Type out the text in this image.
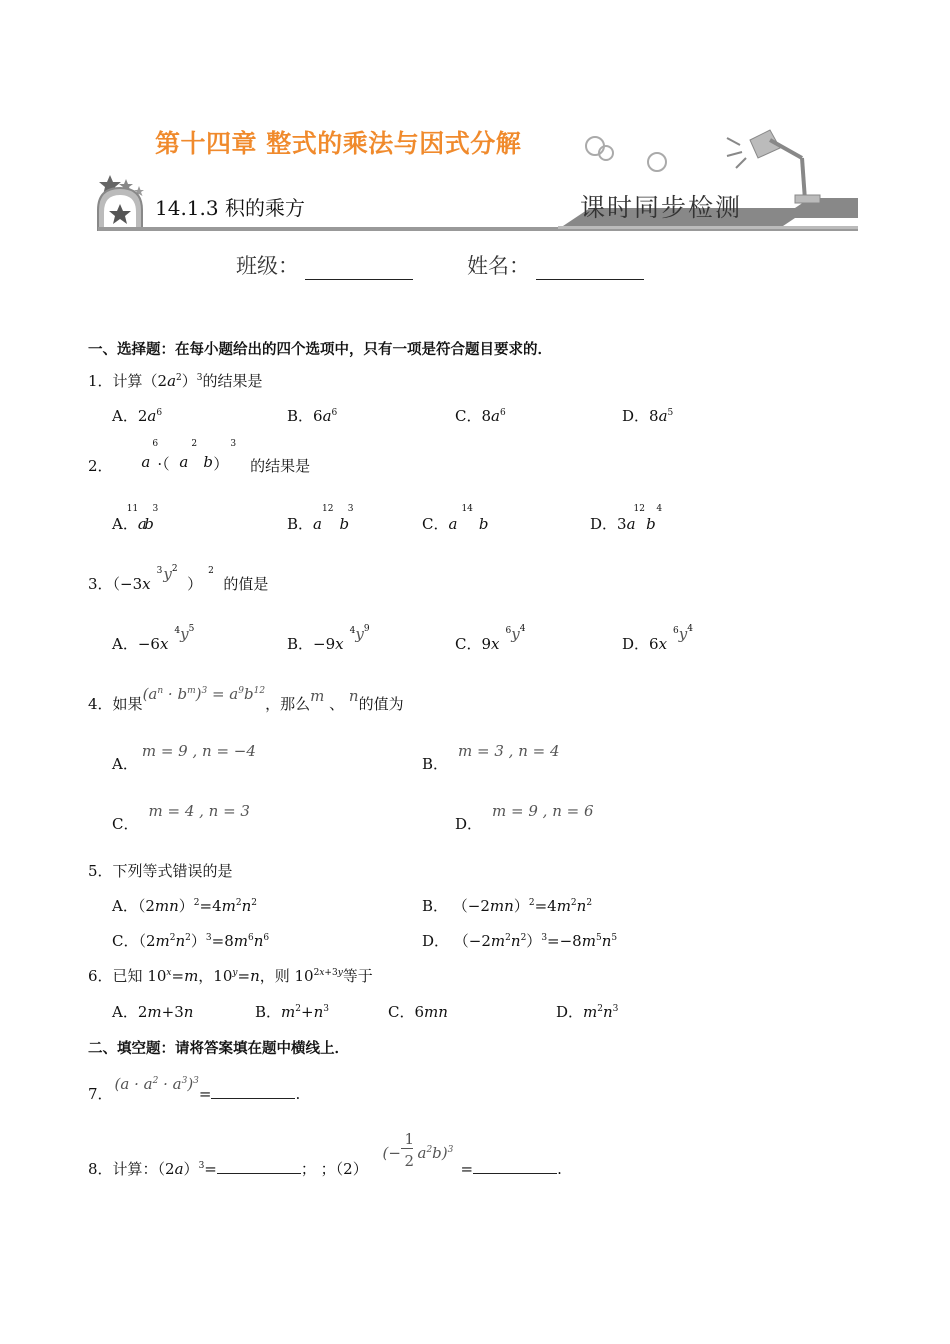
第十四章 整式的乘法与因式分解
14.1.3 积的乘方	课时同步检测
班级：	姓名：
一、选择题：在每小题给出的四个选项中，只有一项是符合题目要求的．
1．计算$(2a^2)^3$的结果是
A．$2a^6$	B．$6a^6$	C．$8a^6$	D．$8a^5$
2． a
6
·（ a
2
b ）
3
的结果是
A．$a^{11 3}b$	B．$a^{12 3}b$	C．$a^{14}b$	D．$3a^{12 4}b$
3．（$-3x^3y^2$  ）$^2$  的值是
A．$-6x^4y^5$
B．$-9x^4y^9$
C．$9x^6y^4$
D．$6x^6y^4$
4．如果$(a^n \cdot b^m)^3 = a^9b^{12}$，那么m 、 n的值为
A．m = 9 , n = −4
B．m = 3 , n = 4
C．m = 4 , n = 3
D．m = 9 , n = 6
5．下列等式错误的是
A．$(2mn)^2=4m^2n^2$	B． $(-2mn)^2=4m^2n^2$
C．$(2m^2n^2)^3=8m^6n^6$	D． $(-2m^2n^2)^3=-8m^5n^5$
6．已知 $10^x=m$，$10^y=n$，则 $10^{2x+3y}$等于
A．2m+3n	B．$m^2+n^3$	C．6mn	D．$m^2n^3$
二、填空题：请将答案填在题中横线上．
7．$(a \cdot a^2 \cdot a^3)^3=$	.
8．计算：$(2a)^3=$	； ；（2）
(−
1
2 $a^2b)^3$
=	.
